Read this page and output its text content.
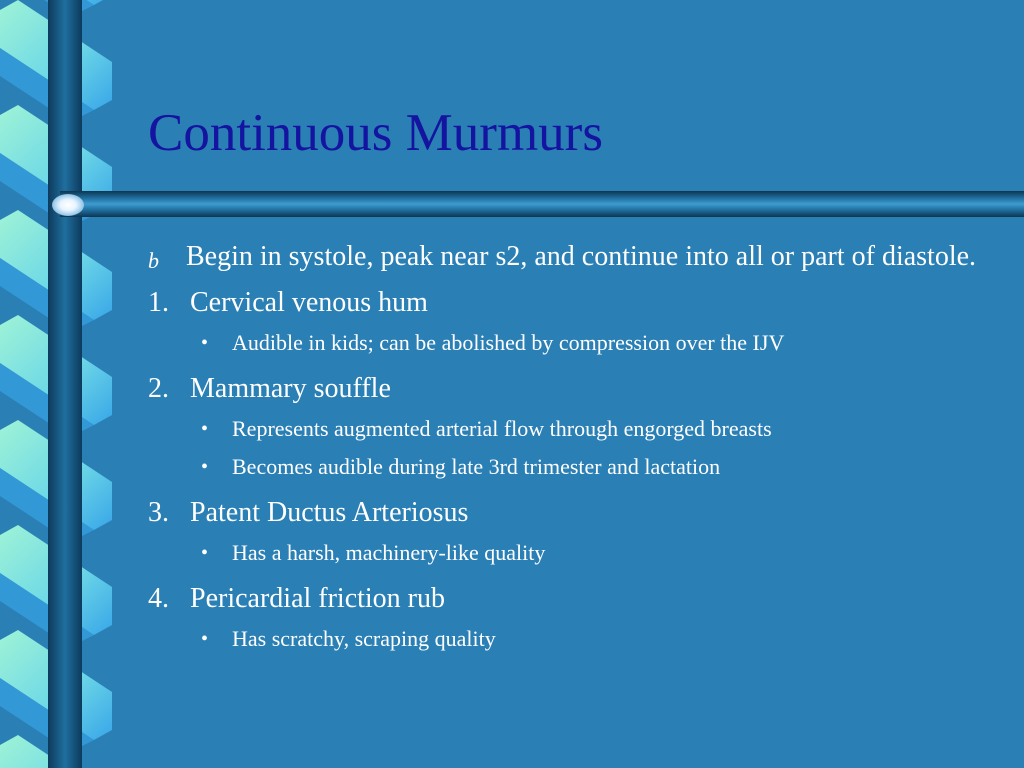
Continuous Murmurs
b Begin in systole, peak near s2, and continue into all or part of diastole.
1. Cervical venous hum
• Audible in kids; can be abolished by compression over the IJV
2. Mammary souffle
• Represents augmented arterial flow through engorged breasts
• Becomes audible during late 3rd trimester and lactation
3. Patent Ductus Arteriosus
• Has a harsh, machinery-like quality
4. Pericardial friction rub
• Has scratchy, scraping quality
